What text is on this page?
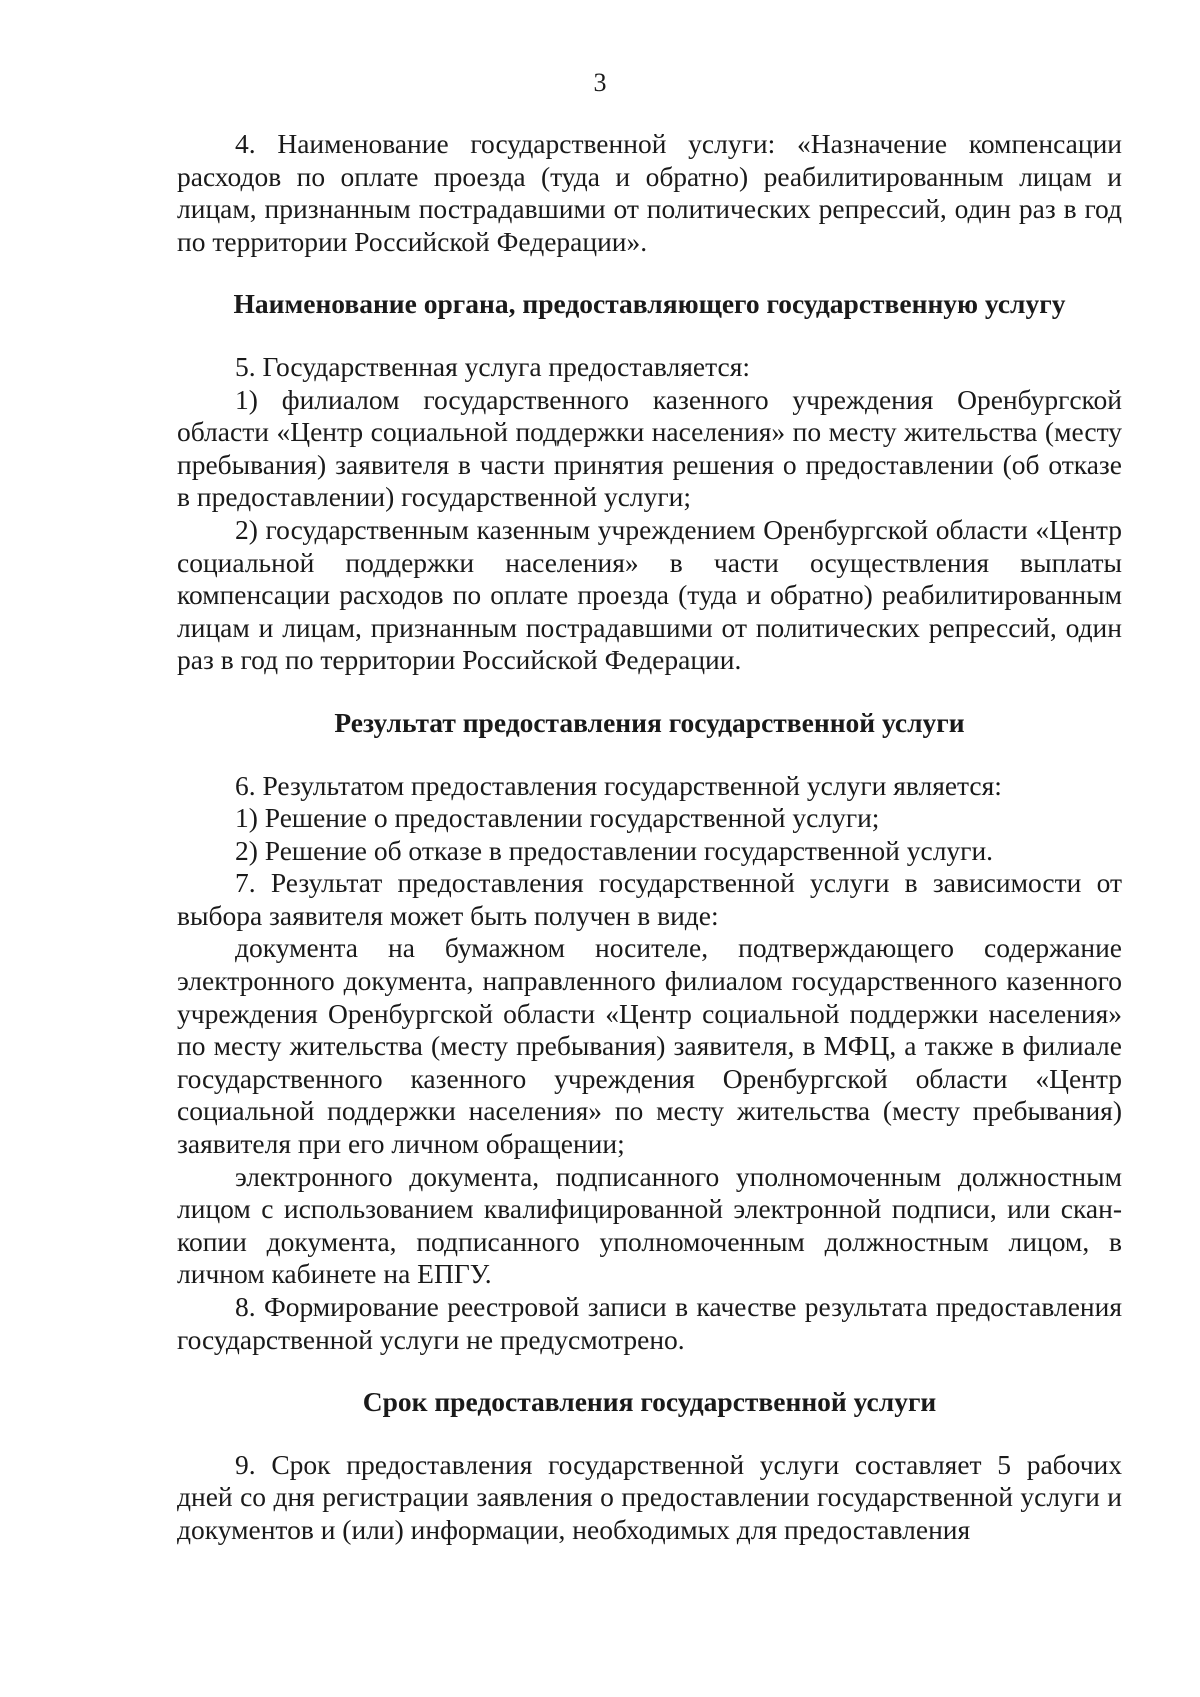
3

4. Наименование государственной услуги: «Назначение компенсации расходов по оплате проезда (туда и обратно) реабилитированным лицам и лицам, признанным пострадавшими от политических репрессий, один раз в год по территории Российской Федерации».

Наименование органа, предоставляющего государственную услугу

5. Государственная услуга предоставляется:

1) филиалом государственного казенного учреждения Оренбургской области «Центр социальной поддержки населения» по месту жительства (месту пребывания) заявителя в части принятия решения о предоставлении (об отказе в предоставлении) государственной услуги;

2) государственным казенным учреждением Оренбургской области «Центр социальной поддержки населения» в части осуществления выплаты компенсации расходов по оплате проезда (туда и обратно) реабилитированным лицам и лицам, признанным пострадавшими от политических репрессий, один раз в год по территории Российской Федерации.

Результат предоставления государственной услуги

6. Результатом предоставления государственной услуги является:

1) Решение о предоставлении государственной услуги;

2) Решение об отказе в предоставлении государственной услуги.

7. Результат предоставления государственной услуги в зависимости от выбора заявителя может быть получен в виде:

документа на бумажном носителе, подтверждающего содержание электронного документа, направленного филиалом государственного казенного учреждения Оренбургской области «Центр социальной поддержки населения» по месту жительства (месту пребывания) заявителя, в МФЦ, а также в филиале государственного казенного учреждения Оренбургской области «Центр социальной поддержки населения» по месту жительства (месту пребывания) заявителя при его личном обращении;

электронного документа, подписанного уполномоченным должностным лицом с использованием квалифицированной электронной подписи, или скан-копии документа, подписанного уполномоченным должностным лицом, в личном кабинете на ЕПГУ.

8. Формирование реестровой записи в качестве результата предоставления государственной услуги не предусмотрено.

Срок предоставления государственной услуги

9. Срок предоставления государственной услуги составляет 5 рабочих дней со дня регистрации заявления о предоставлении государственной услуги и документов и (или) информации, необходимых для предоставления
